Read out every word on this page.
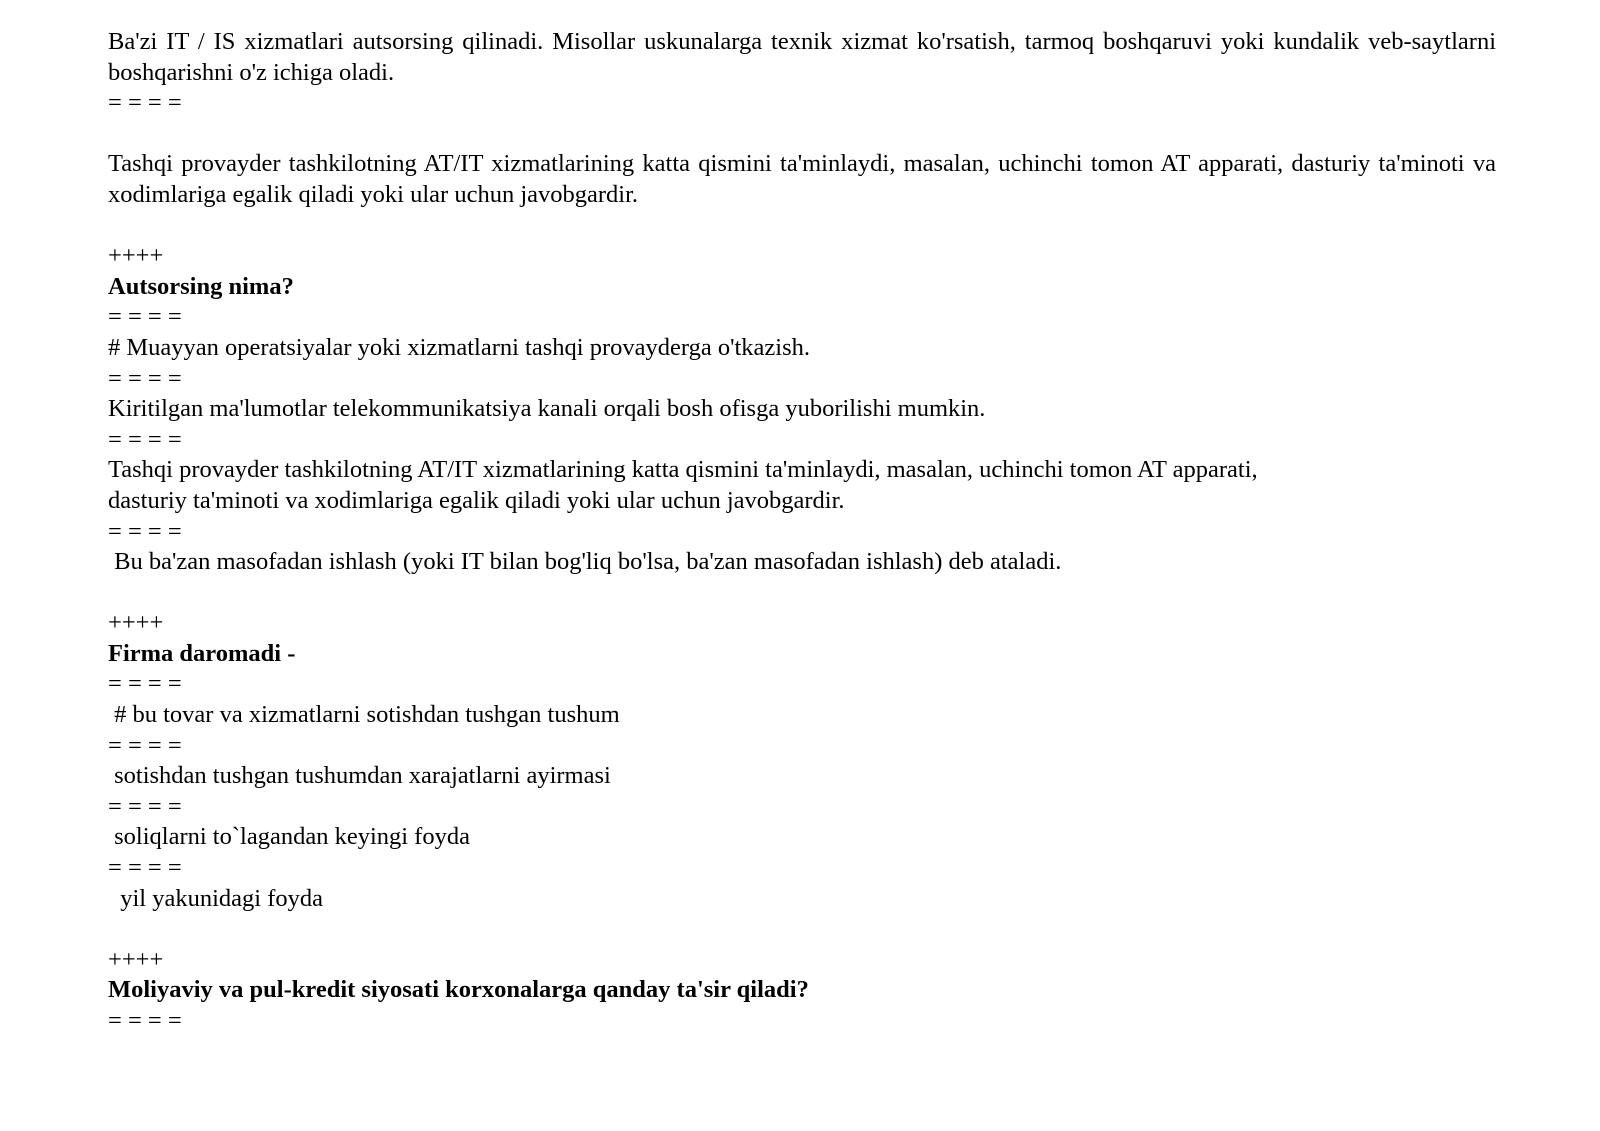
Ba'zi IT / IS xizmatlari autsorsing qilinadi. Misollar uskunalarga texnik xizmat ko'rsatish, tarmoq boshqaruvi yoki kundalik veb-saytlarni boshqarishni o'z ichiga oladi.

= = = =

Tashqi provayder tashkilotning AT/IT xizmatlarining katta qismini ta'minlaydi, masalan, uchinchi tomon AT apparati, dasturiy ta'minoti va xodimlariga egalik qiladi yoki ular uchun javobgardir.

++++

Autsorsing nima?

= = = =

# Muayyan operatsiyalar yoki xizmatlarni tashqi provayderga o'tkazish.

= = = =

Kiritilgan ma'lumotlar telekommunikatsiya kanali orqali bosh ofisga yuborilishi mumkin.

= = = =

Tashqi provayder tashkilotning AT/IT xizmatlarining katta qismini ta'minlaydi, masalan, uchinchi tomon AT apparati,

dasturiy ta'minoti va xodimlariga egalik qiladi yoki ular uchun javobgardir.

= = = =

Bu ba'zan masofadan ishlash (yoki IT bilan bog'liq bo'lsa, ba'zan masofadan ishlash) deb ataladi.

++++

Firma daromadi -

= = = =

# bu tovar va xizmatlarni sotishdan tushgan tushum

= = = =

sotishdan tushgan tushumdan xarajatlarni ayirmasi

= = = =

soliqlarni to`lagandan keyingi foyda

= = = =

yil yakunidagi foyda

++++

Moliyaviy va pul-kredit siyosati korxonalarga qanday ta'sir qiladi?

= = = =
